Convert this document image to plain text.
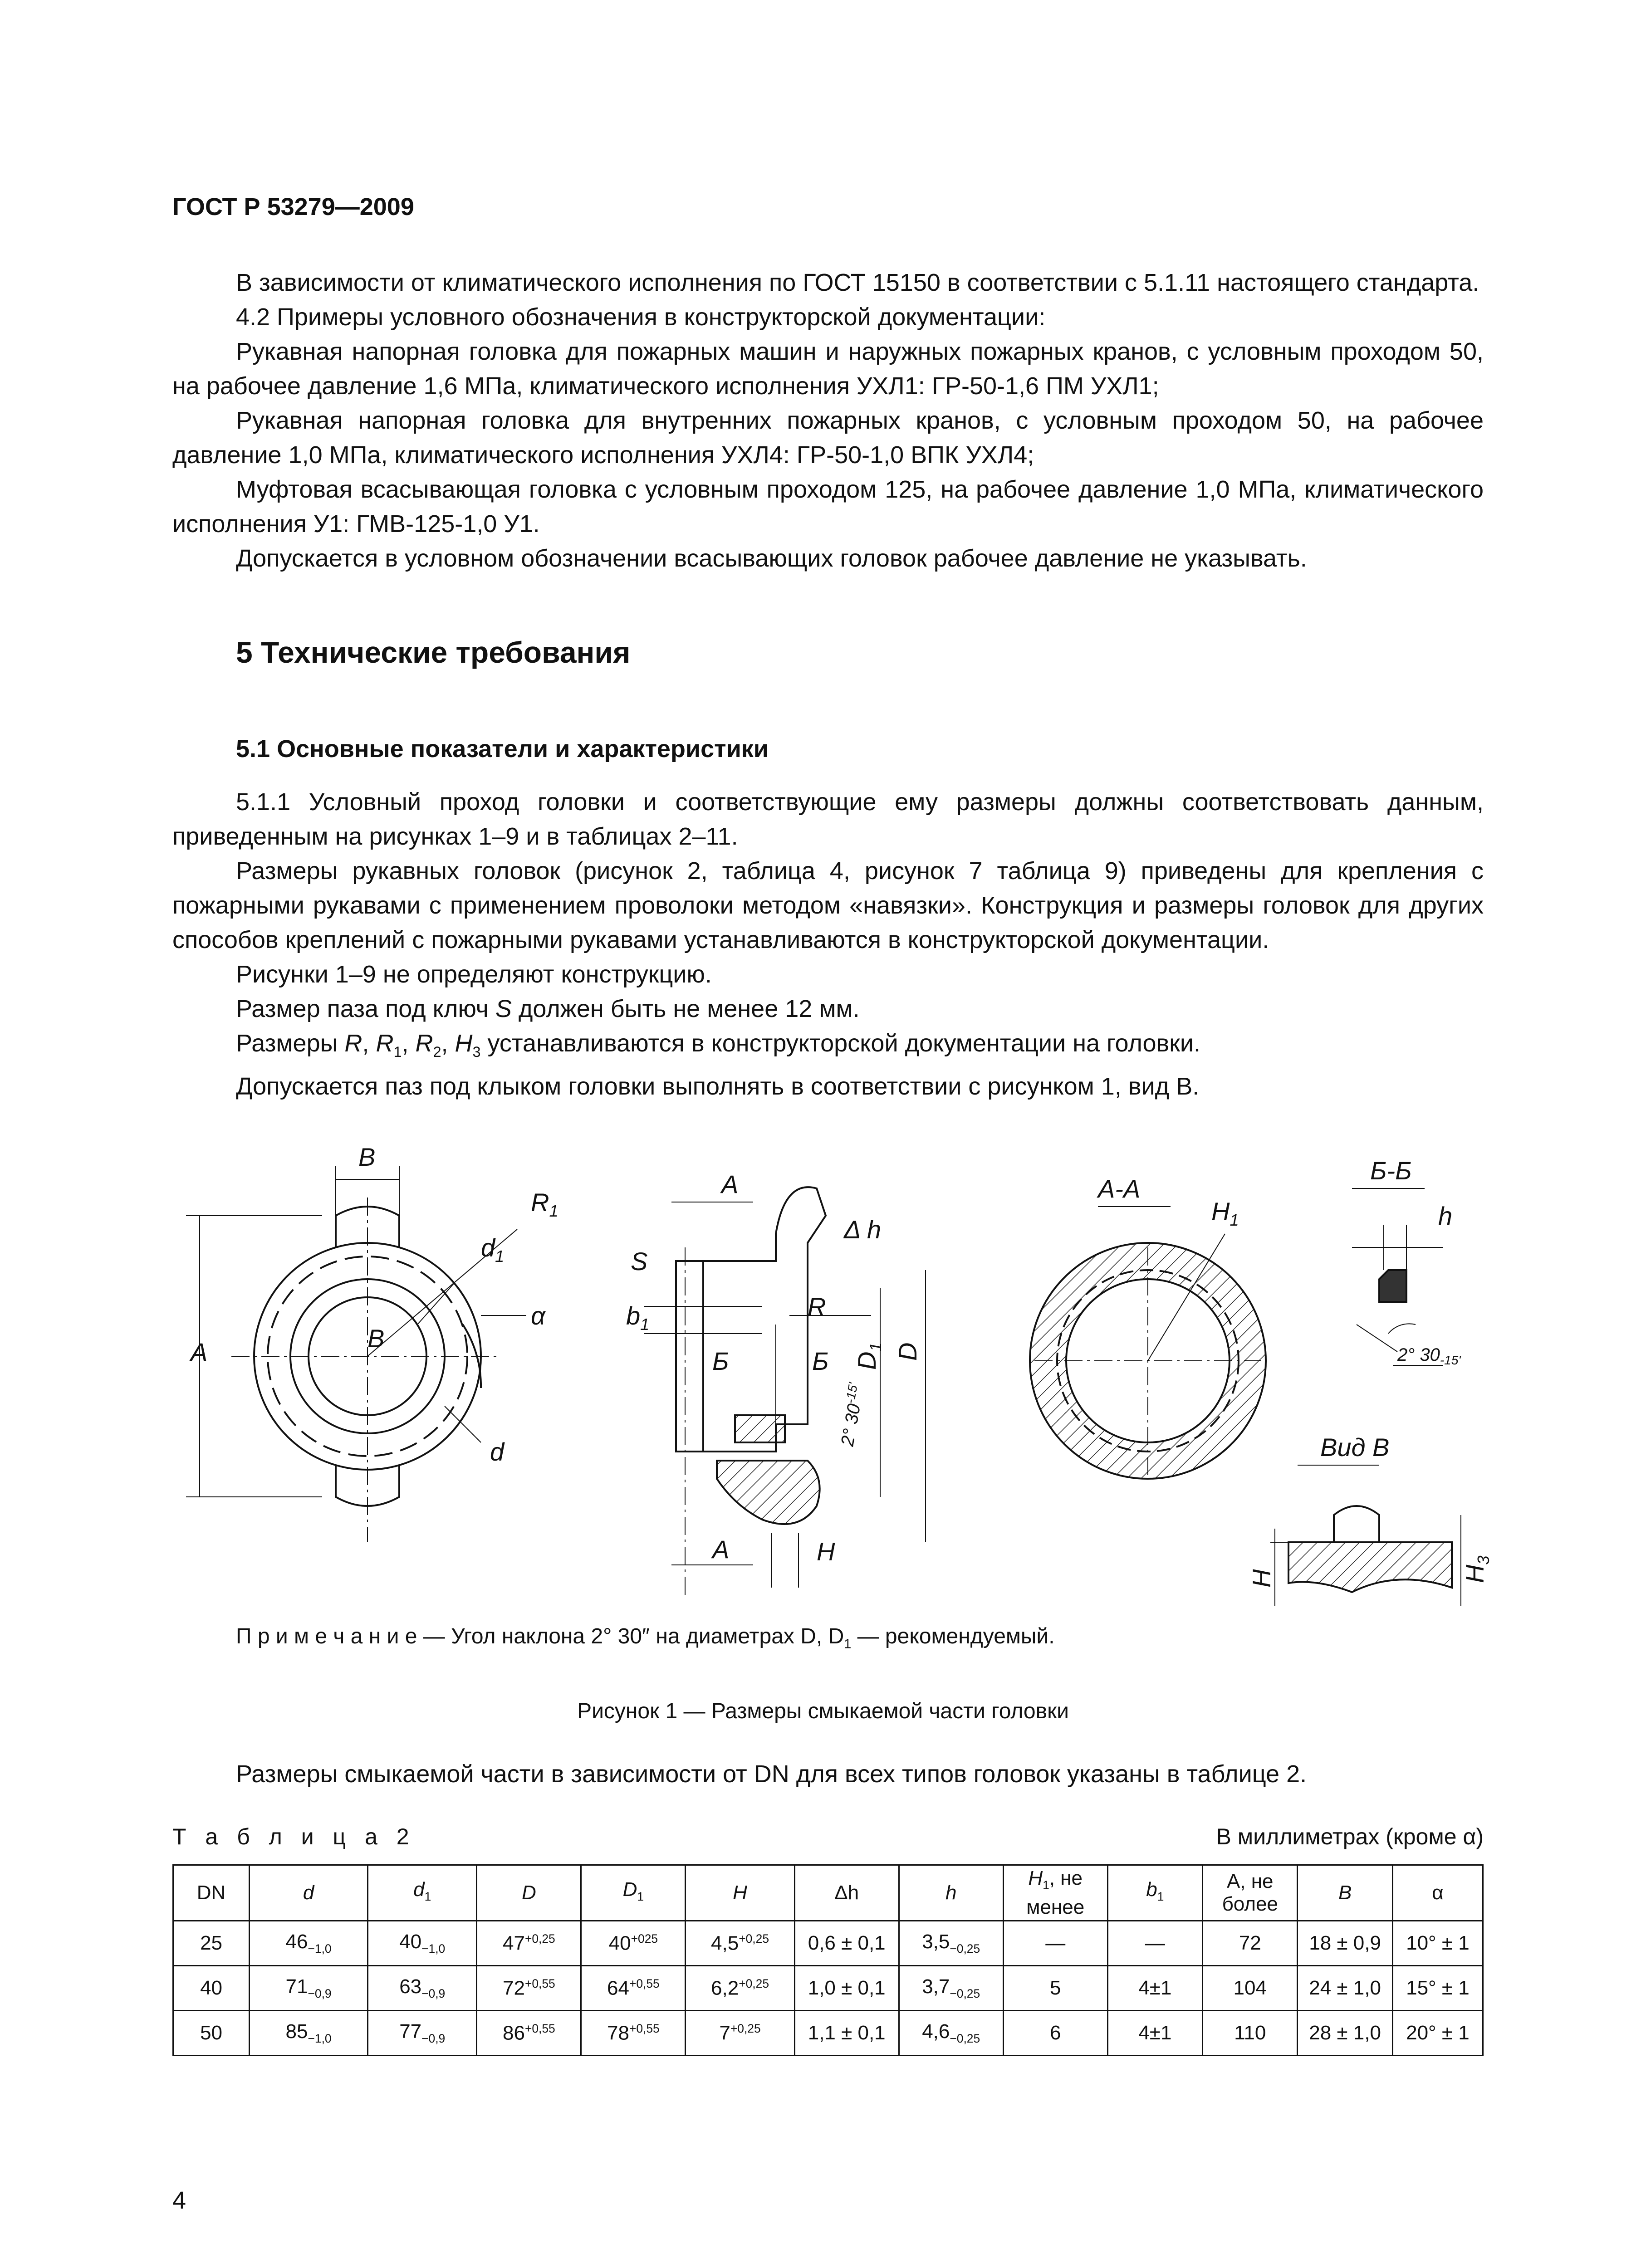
ГОСТ Р 53279—2009

В зависимости от климатического исполнения по ГОСТ 15150 в соответствии с 5.1.11 настоящего стандарта.

4.2 Примеры условного обозначения в конструкторской документации:

Рукавная напорная головка для пожарных машин и наружных пожарных кранов, с условным проходом 50, на рабочее давление 1,6 МПа, климатического исполнения УХЛ1: ГР-50-1,6 ПМ УХЛ1;

Рукавная напорная головка для внутренних пожарных кранов, с условным проходом 50, на рабочее давление 1,0 МПа, климатического исполнения УХЛ4: ГР-50-1,0 ВПК УХЛ4;

Муфтовая всасывающая головка с условным проходом 125, на рабочее давление 1,0 МПа, климатического исполнения У1: ГМВ-125-1,0 У1.

Допускается в условном обозначении всасывающих головок рабочее давление не указывать.

5 Технические требования
5.1 Основные показатели и характеристики

5.1.1 Условный проход головки и соответствующие ему размеры должны соответствовать данным, приведенным на рисунках 1–9 и в таблицах 2–11.

Размеры рукавных головок (рисунок 2, таблица 4, рисунок 7 таблица 9) приведены для крепления с пожарными рукавами с применением проволоки методом «навязки». Конструкция и размеры головок для других способов креплений с пожарными рукавами устанавливаются в конструкторской документации.

Рисунки 1–9 не определяют конструкцию.

Размер паза под ключ S должен быть не менее 12 мм.

Размеры R, $R_1$, $R_2$, $H_3$ устанавливаются в конструкторской документации на головки.

Допускается паз под клыком головки выполнять в соответствии с рисунком 1, вид В.

B
$R_1$
$d_1$
B
α
A
d
A
S
Δ h
$b_1$
R
Б	Б
2° $30^{-15'}$
$D_1$ D
A	H
A-A
$H_1$
Б-Б
h
2° $30_{-15'}$
Вид В
H	$H_3$
П р и м е ч а н и е — Угол наклона 2° 30″ на диаметрах D, $D_1$ — рекомендуемый.
Рисунок 1 — Размеры смыкаемой части головки
Размеры смыкаемой части в зависимости от DN для всех типов головок указаны в таблице 2.
Т а б л и ц а 2	В миллиметрах (кроме α)
DN	d	$d_1$	D	$D_1$	H	Δh	h	$H_1$, не менее	$b_1$	A, не более	B	α
25	$46_{-1,0}$	$40_{-1,0}$	$47^{+0,25}$	$40^{+025}$	$4,5^{+0,25}$	0,6 ± 0,1	$3,5_{-0,25}$	—	—	72	18 ± 0,9	10° ± 1
40	$71_{-0,9}$	$63_{-0,9}$	$72^{+0,55}$	$64^{+0,55}$	$6,2^{+0,25}$	1,0 ± 0,1	$3,7_{-0,25}$	5	4±1	104	24 ± 1,0	15° ± 1
50	$85_{-1,0}$	$77_{-0,9}$	$86^{+0,55}$	$78^{+0,55}$	$7^{+0,25}$	1,1 ± 0,1	$4,6_{-0,25}$	6	4±1	110	28 ± 1,0	20° ± 1
4
